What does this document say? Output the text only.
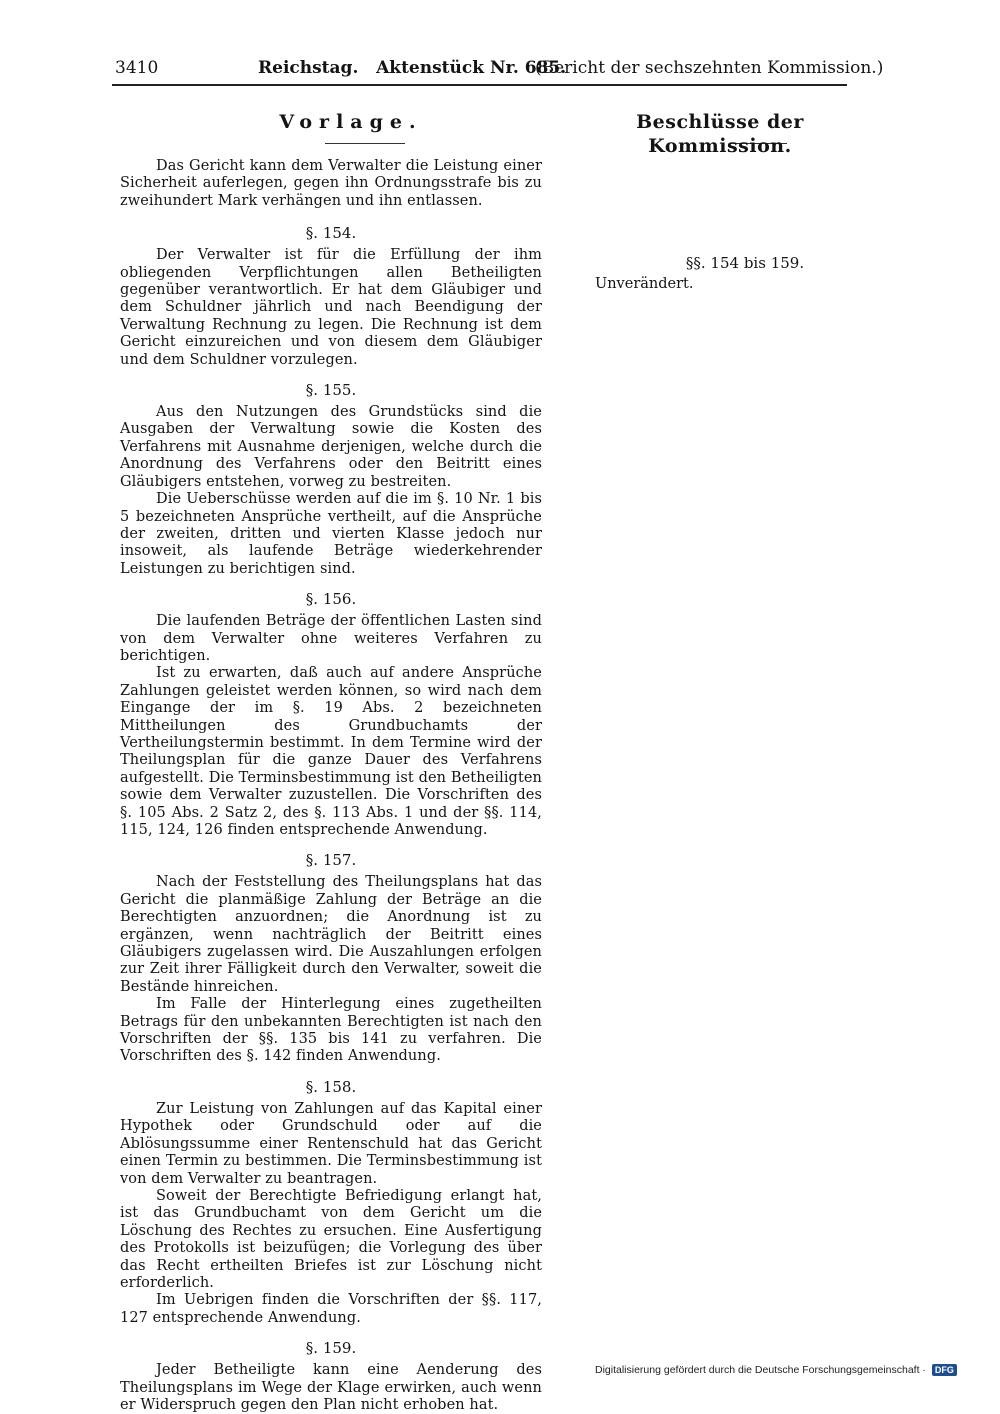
3410	Reichstag.   Aktenstück Nr. 685.
(Bericht der sechszehnten Kommission.)
Vorlage.

Das Gericht kann dem Verwalter die Leistung einer Sicherheit auferlegen, gegen ihn Ordnungsstrafe bis zu zweihundert Mark verhängen und ihn entlassen.

§. 154.

Der Verwalter ist für die Erfüllung der ihm obliegenden Verpflichtungen allen Betheiligten gegenüber verantwortlich. Er hat dem Gläubiger und dem Schuldner jährlich und nach Beendigung der Verwaltung Rechnung zu legen. Die Rechnung ist dem Gericht einzureichen und von diesem dem Gläubiger und dem Schuldner vorzulegen.

§. 155.

Aus den Nutzungen des Grundstücks sind die Ausgaben der Verwaltung sowie die Kosten des Verfahrens mit Ausnahme derjenigen, welche durch die Anordnung des Verfahrens oder den Beitritt eines Gläubigers entstehen, vorweg zu bestreiten.

Die Ueberschüsse werden auf die im §. 10 Nr. 1 bis 5 bezeichneten Ansprüche vertheilt, auf die Ansprüche der zweiten, dritten und vierten Klasse jedoch nur insoweit, als laufende Beträge wiederkehrender Leistungen zu berichtigen sind.

§. 156.

Die laufenden Beträge der öffentlichen Lasten sind von dem Verwalter ohne weiteres Verfahren zu berichtigen.

Ist zu erwarten, daß auch auf andere Ansprüche Zahlungen geleistet werden können, so wird nach dem Eingange der im §. 19 Abs. 2 bezeichneten Mittheilungen des Grundbuchamts der Vertheilungstermin bestimmt. In dem Termine wird der Theilungsplan für die ganze Dauer des Verfahrens aufgestellt. Die Terminsbestimmung ist den Betheiligten sowie dem Verwalter zuzustellen. Die Vorschriften des §. 105 Abs. 2 Satz 2, des §. 113 Abs. 1 und der §§. 114, 115, 124, 126 finden entsprechende Anwendung.

§. 157.

Nach der Feststellung des Theilungsplans hat das Gericht die planmäßige Zahlung der Beträge an die Berechtigten anzuordnen; die Anordnung ist zu ergänzen, wenn nachträglich der Beitritt eines Gläubigers zugelassen wird. Die Auszahlungen erfolgen zur Zeit ihrer Fälligkeit durch den Verwalter, soweit die Bestände hinreichen.

Im Falle der Hinterlegung eines zugetheilten Betrags für den unbekannten Berechtigten ist nach den Vorschriften der §§. 135 bis 141 zu verfahren. Die Vorschriften des §. 142 finden Anwendung.

§. 158.

Zur Leistung von Zahlungen auf das Kapital einer Hypothek oder Grundschuld oder auf die Ablösungssumme einer Rentenschuld hat das Gericht einen Termin zu bestimmen. Die Terminsbestimmung ist von dem Verwalter zu beantragen.

Soweit der Berechtigte Befriedigung erlangt hat, ist das Grundbuchamt von dem Gericht um die Löschung des Rechtes zu ersuchen. Eine Ausfertigung des Protokolls ist beizufügen; die Vorlegung des über das Recht ertheilten Briefes ist zur Löschung nicht erforderlich.

Im Uebrigen finden die Vorschriften der §§. 117, 127 entsprechende Anwendung.

§. 159.

Jeder Betheiligte kann eine Aenderung des Theilungsplans im Wege der Klage erwirken, auch wenn er Widerspruch gegen den Plan nicht erhoben hat.

Beschlüsse der Kommission.
§§. 154 bis 159.

Unverändert.

Digitalisierung gefördert durch die Deutsche Forschungsgemeinschaft · DFG
